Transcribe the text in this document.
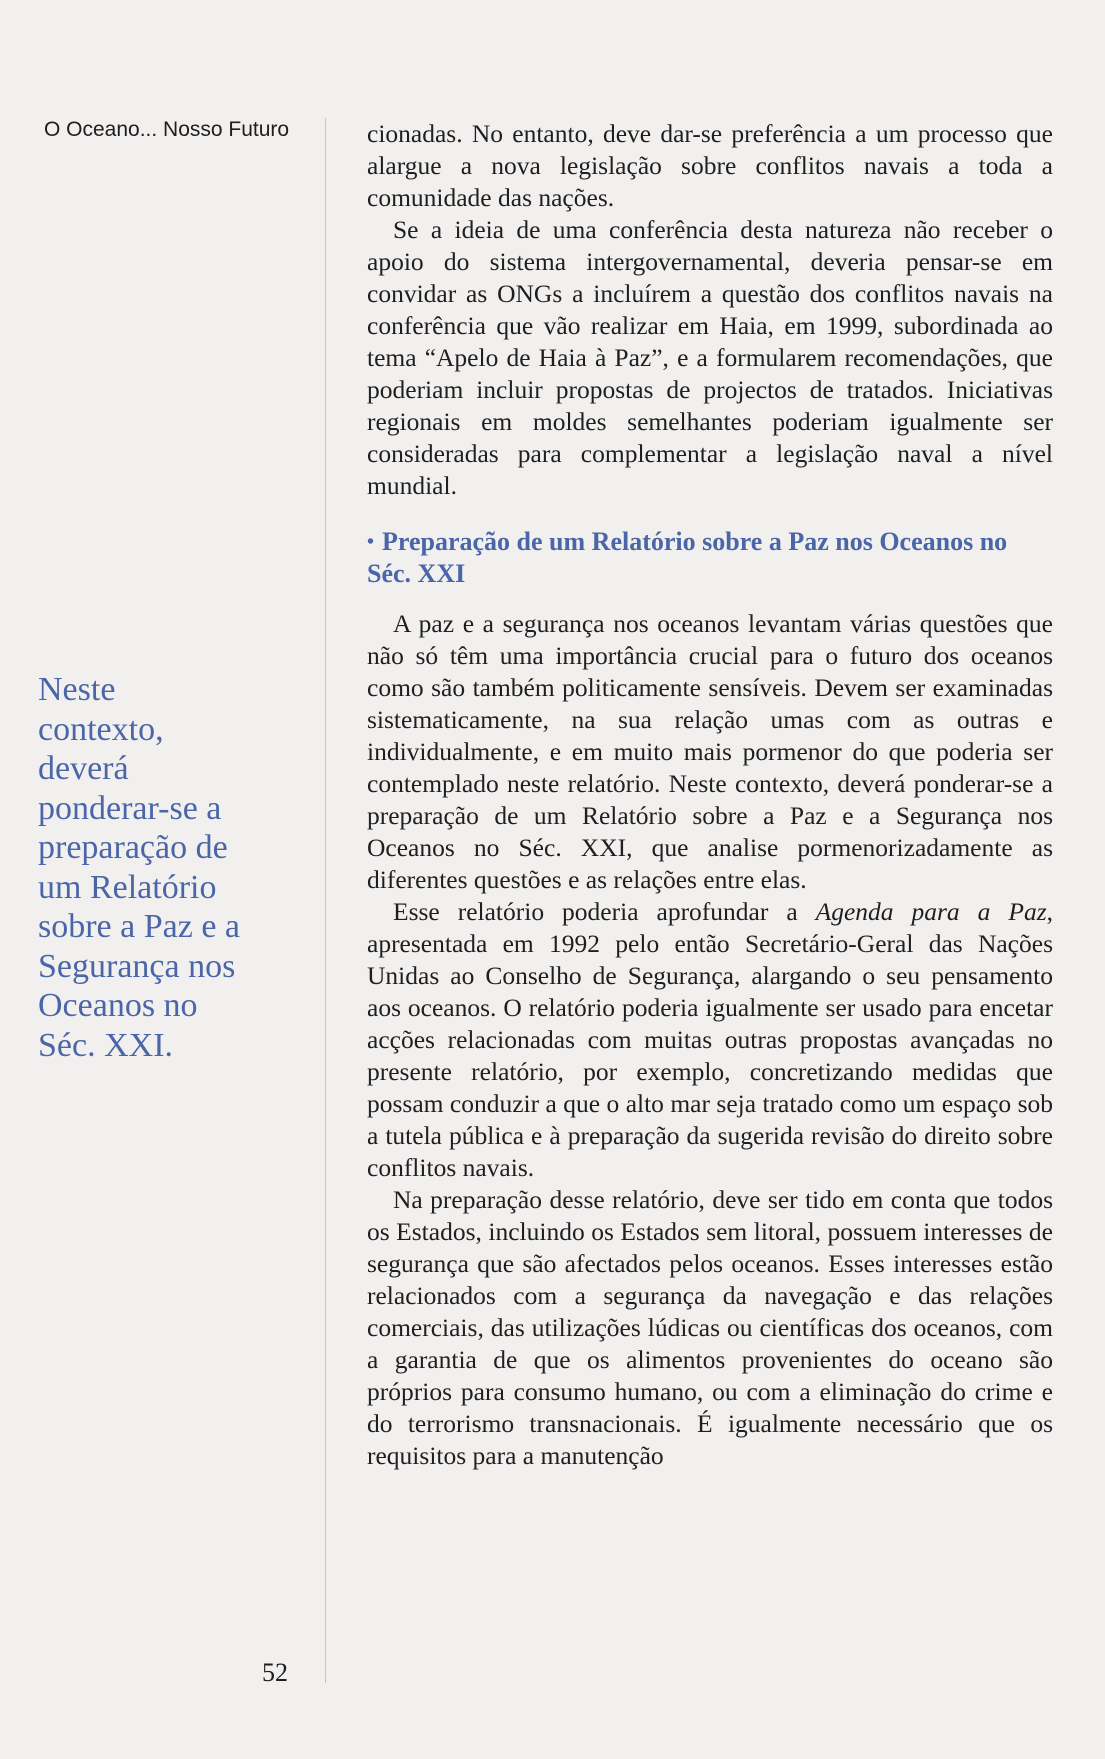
O Oceano... Nosso Futuro

Neste
contexto,
deverá
ponderar-se a
preparação de
um Relatório
sobre a Paz e a
Segurança nos
Oceanos no
Séc. XXI.

52

cionadas. No entanto, deve dar-se preferência a um processo que alargue a nova legislação sobre conflitos navais a toda a comunidade das nações.

Se a ideia de uma conferência desta natureza não receber o apoio do sistema intergovernamental, deveria pensar-se em convidar as ONGs a incluírem a questão dos conflitos navais na conferência que vão realizar em Haia, em 1999, subordinada ao tema “Apelo de Haia à Paz”, e a formularem recomendações, que poderiam incluir propostas de projectos de tratados. Iniciativas regionais em moldes semelhantes poderiam igualmente ser consideradas para complementar a legislação naval a nível mundial.

• Preparação de um Relatório sobre a Paz nos Oceanos no Séc. XXI

A paz e a segurança nos oceanos levantam várias questões que não só têm uma importância crucial para o futuro dos oceanos como são também politicamente sensíveis. Devem ser examinadas sistematicamente, na sua relação umas com as outras e individualmente, e em muito mais pormenor do que poderia ser contemplado neste relatório. Neste contexto, deverá ponderar-se a preparação de um Relatório sobre a Paz e a Segurança nos Oceanos no Séc. XXI, que analise pormenorizadamente as diferentes questões e as relações entre elas.

Esse relatório poderia aprofundar a Agenda para a Paz, apresentada em 1992 pelo então Secretário-Geral das Nações Unidas ao Conselho de Segurança, alargando o seu pensamento aos oceanos. O relatório poderia igualmente ser usado para encetar acções relacionadas com muitas outras propostas avançadas no presente relatório, por exemplo, concretizando medidas que possam conduzir a que o alto mar seja tratado como um espaço sob a tutela pública e à preparação da sugerida revisão do direito sobre conflitos navais.

Na preparação desse relatório, deve ser tido em conta que todos os Estados, incluindo os Estados sem litoral, possuem interesses de segurança que são afectados pelos oceanos. Esses interesses estão relacionados com a segurança da navegação e das relações comerciais, das utilizações lúdicas ou científicas dos oceanos, com a garantia de que os alimentos provenientes do oceano são próprios para consumo humano, ou com a eliminação do crime e do terrorismo transnacionais. É igualmente necessário que os requisitos para a manutenção
